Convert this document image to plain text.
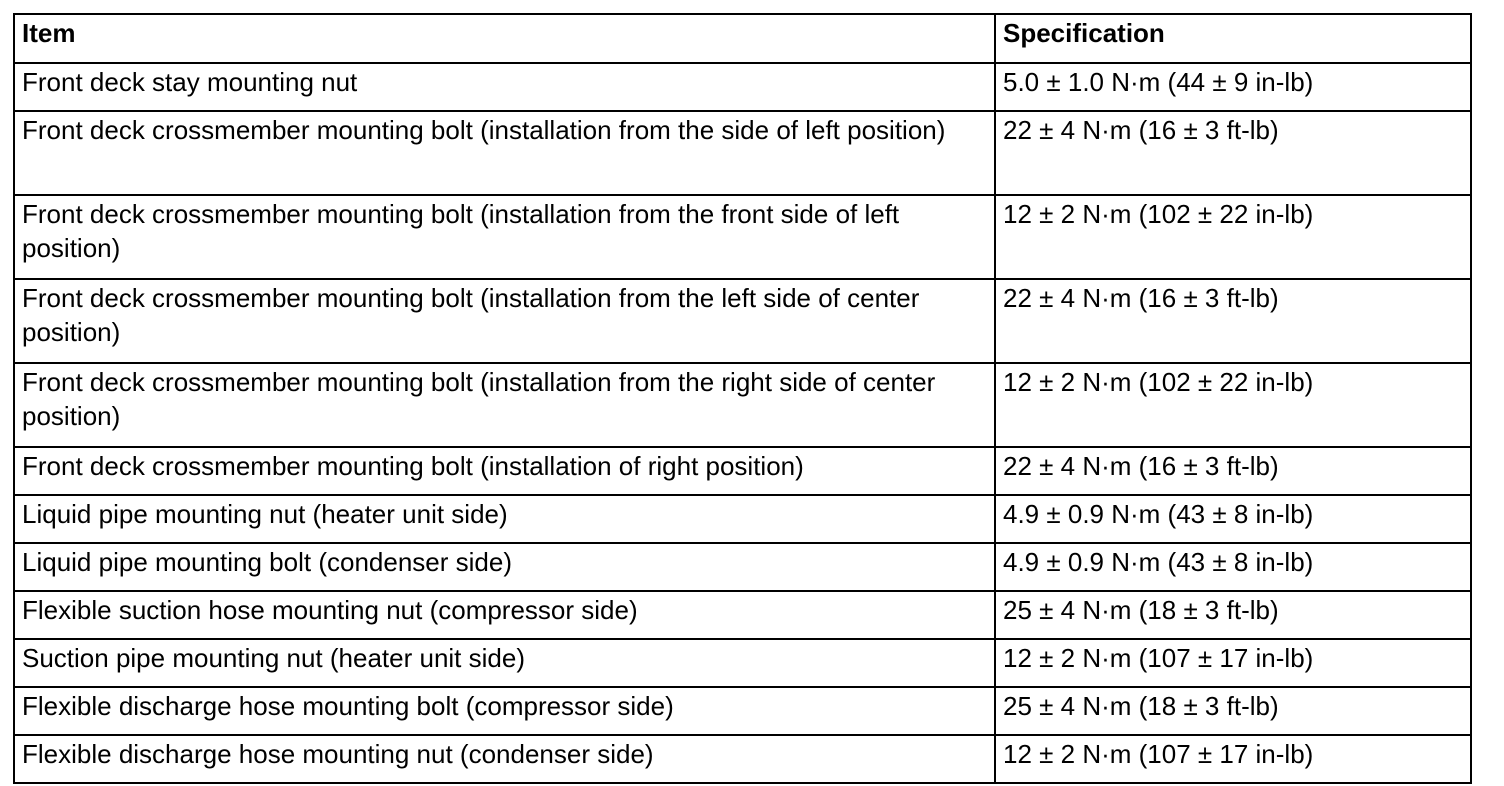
Item	Specification
Front deck stay mounting nut	5.0 ± 1.0 N·m (44 ± 9 in-lb)
Front deck crossmember mounting bolt (installation from the side of left position)	22 ± 4 N·m (16 ± 3 ft-lb)
Front deck crossmember mounting bolt (installation from the front side of left position)	12 ± 2 N·m (102 ± 22 in-lb)
Front deck crossmember mounting bolt (installation from the left side of center position)	22 ± 4 N·m (16 ± 3 ft-lb)
Front deck crossmember mounting bolt (installation from the right side of center position)	12 ± 2 N·m (102 ± 22 in-lb)
Front deck crossmember mounting bolt (installation of right position)	22 ± 4 N·m (16 ± 3 ft-lb)
Liquid pipe mounting nut (heater unit side)	4.9 ± 0.9 N·m (43 ± 8 in-lb)
Liquid pipe mounting bolt (condenser side)	4.9 ± 0.9 N·m (43 ± 8 in-lb)
Flexible suction hose mounting nut (compressor side)	25 ± 4 N·m (18 ± 3 ft-lb)
Suction pipe mounting nut (heater unit side)	12 ± 2 N·m (107 ± 17 in-lb)
Flexible discharge hose mounting bolt (compressor side)	25 ± 4 N·m (18 ± 3 ft-lb)
Flexible discharge hose mounting nut (condenser side)	12 ± 2 N·m (107 ± 17 in-lb)
